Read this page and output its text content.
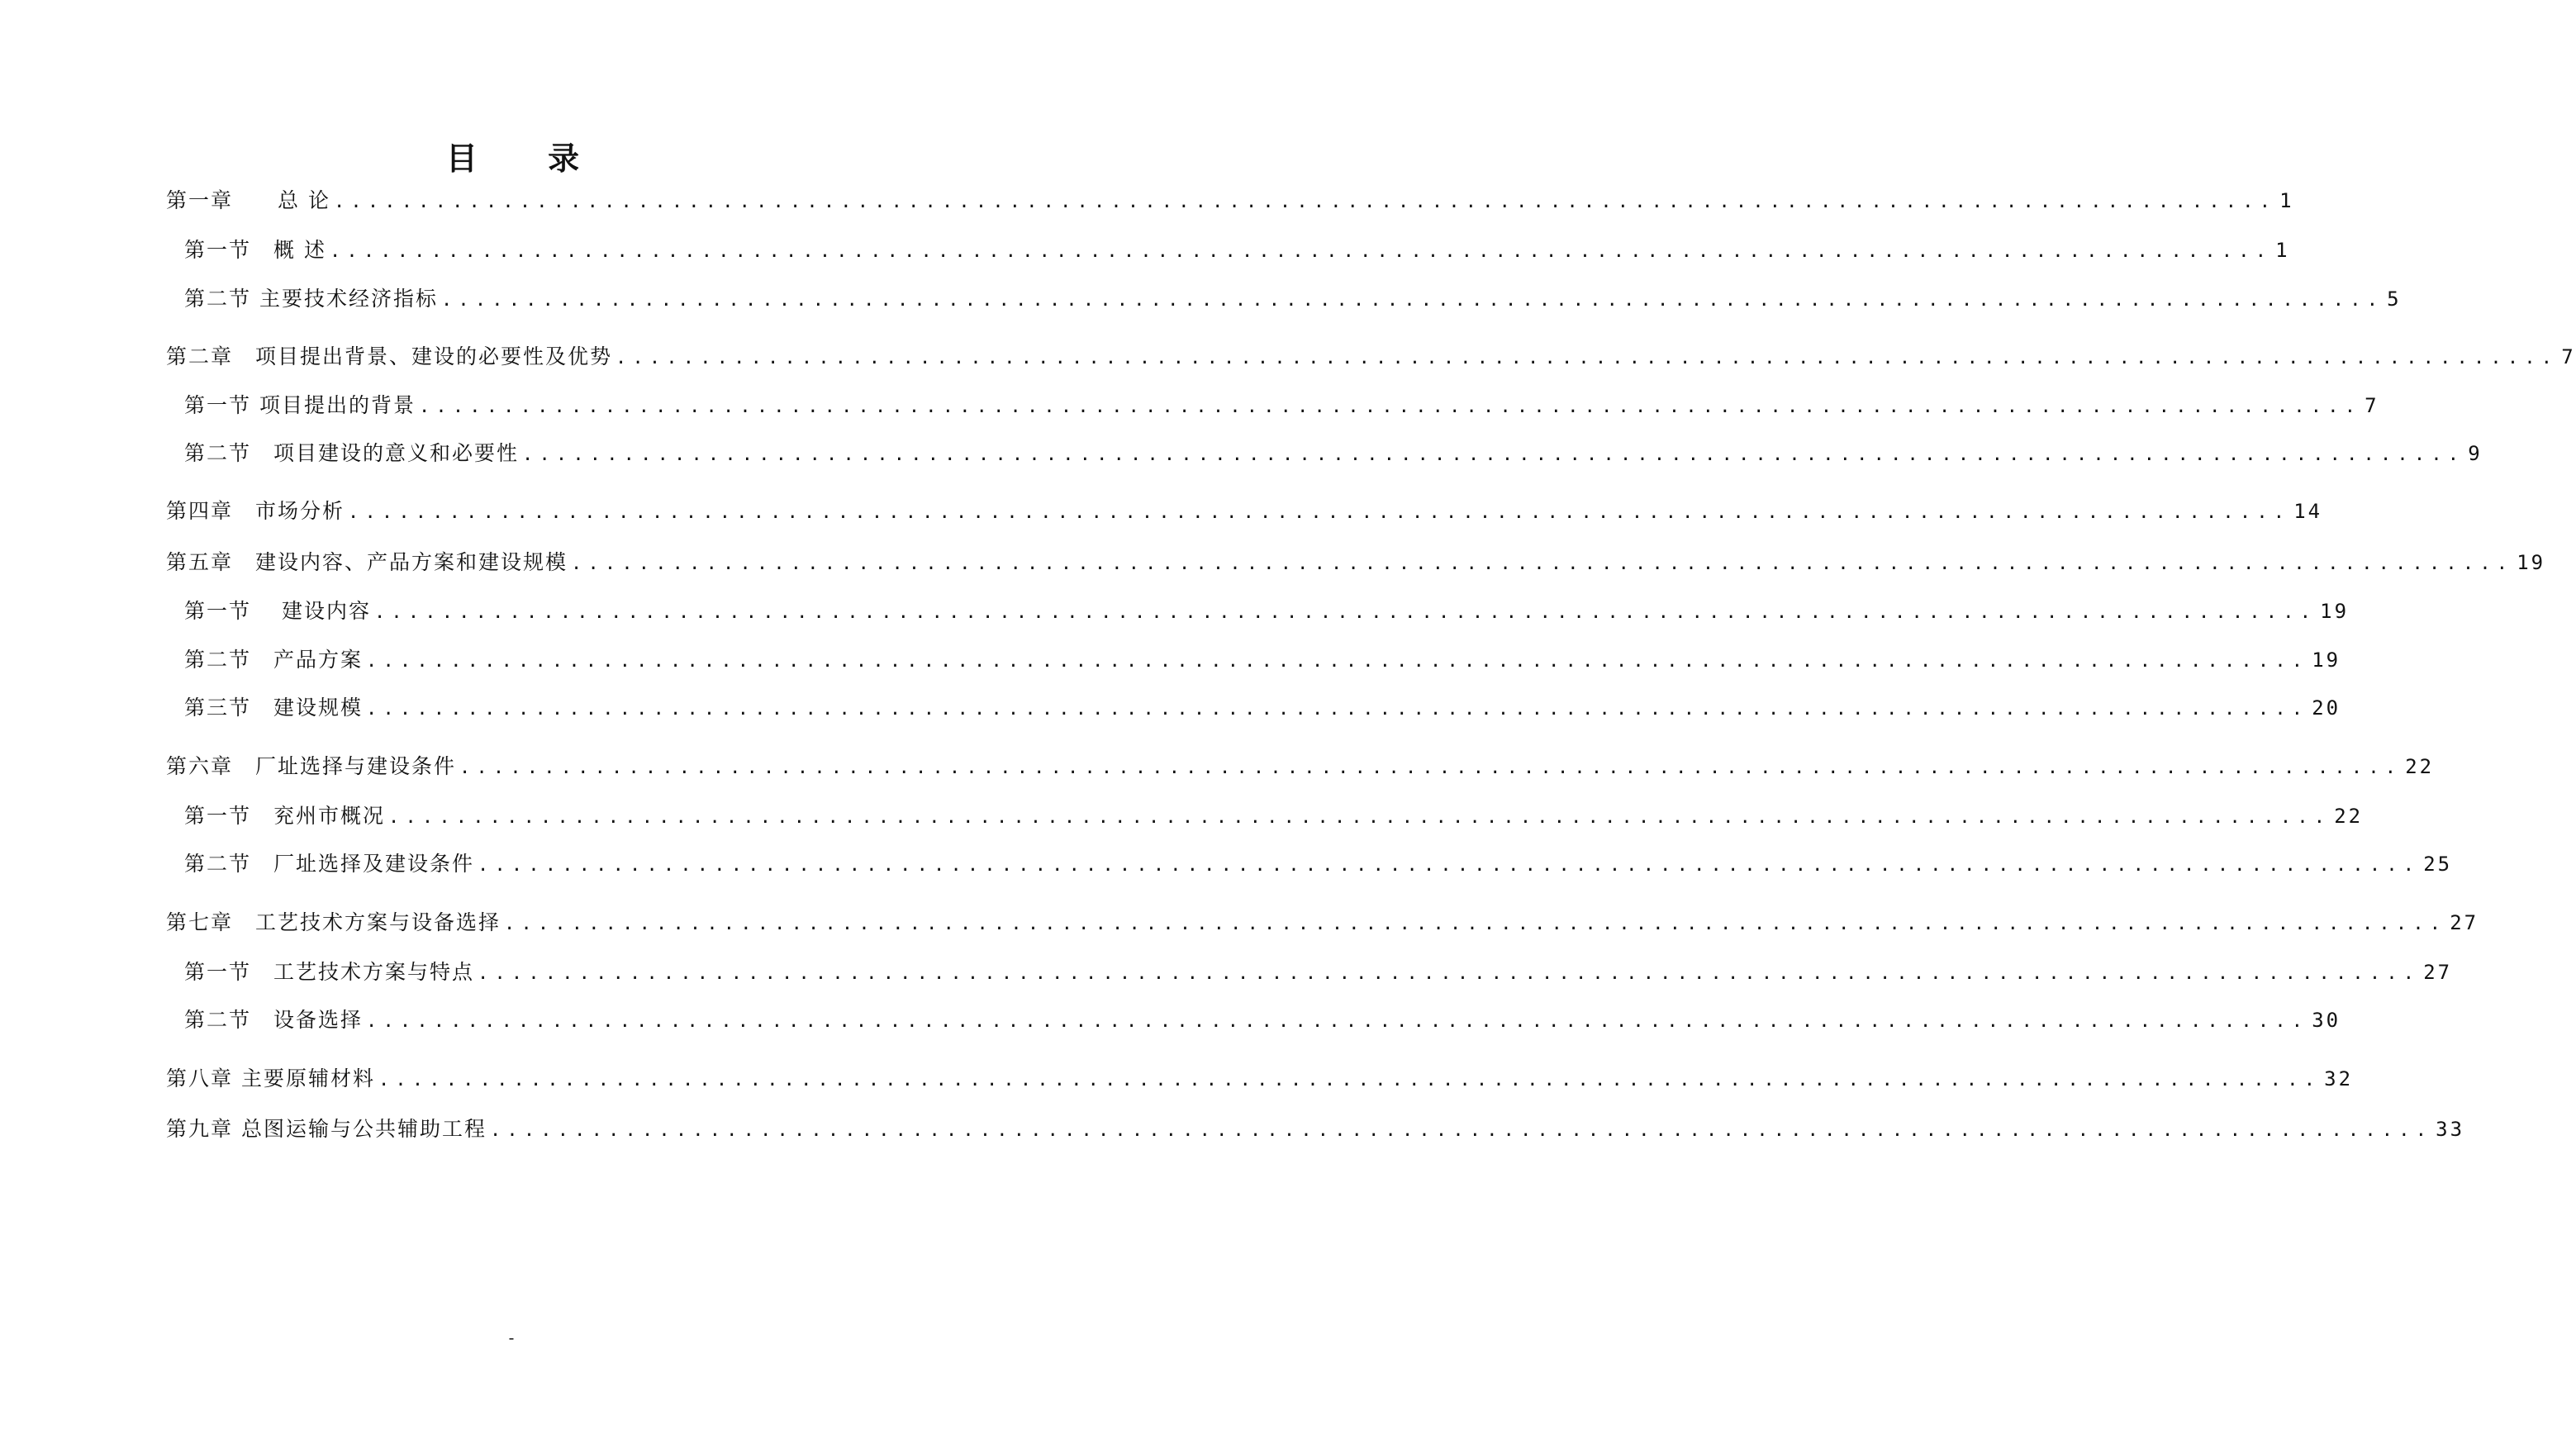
目 录
第一章　　总 论 ................................................................................................................... 1
第一节　概 述 ................................................................................................................... 1
第二节 主要技术经济指标 ................................................................................................................... 5
第二章　项目提出背景、建设的必要性及优势 ................................................................................................................... 7
第一节 项目提出的背景 ................................................................................................................... 7
第二节　项目建设的意义和必要性 ................................................................................................................... 9
第四章　市场分析 ................................................................................................................... 14
第五章　建设内容、产品方案和建设规模 ................................................................................................................... 19
第一节　 建设内容 ................................................................................................................... 19
第二节　产品方案 ................................................................................................................... 19
第三节　建设规模 ................................................................................................................... 20
第六章　厂址选择与建设条件 ................................................................................................................... 22
第一节　兖州市概况 ................................................................................................................... 22
第二节　厂址选择及建设条件 ................................................................................................................... 25
第七章　工艺技术方案与设备选择 ................................................................................................................... 27
第一节　工艺技术方案与特点 ................................................................................................................... 27
第二节　设备选择 ................................................................................................................... 30
第八章 主要原辅材料 ................................................................................................................... 32
第九章 总图运输与公共辅助工程 ................................................................................................................... 33
-
